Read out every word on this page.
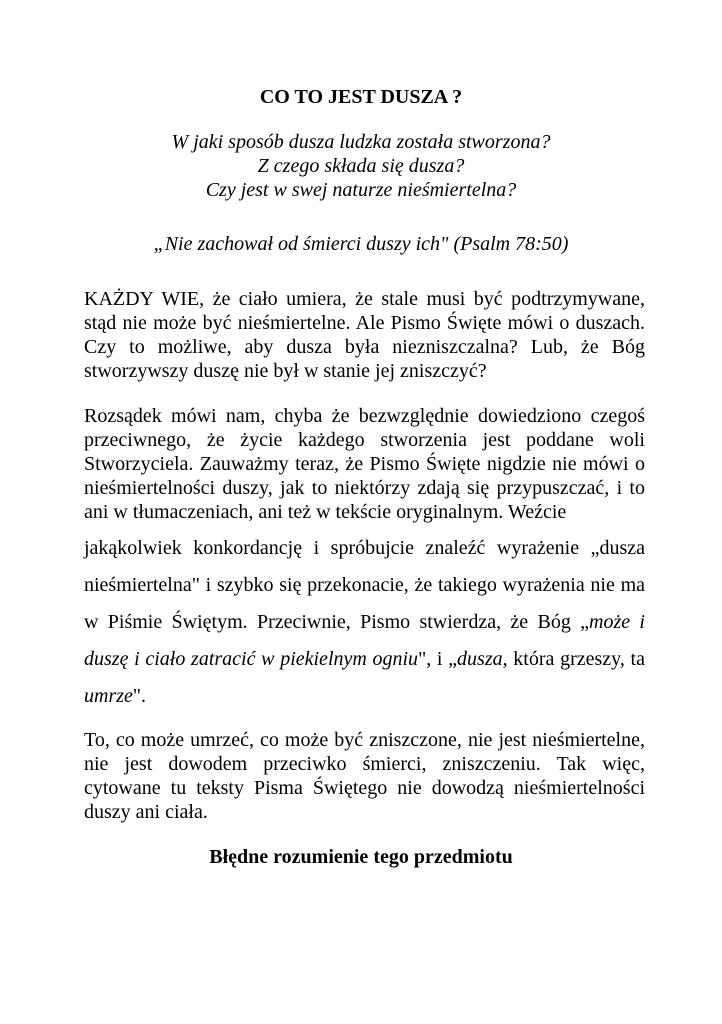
CO TO JEST DUSZA ?
W jaki sposób dusza ludzka została stworzona?
Z czego składa się dusza?
Czy jest w swej naturze nieśmiertelna?
„Nie zachował od śmierci duszy ich" (Psalm 78:50)
KAŻDY WIE, że ciało umiera, że stale musi być podtrzymywane, stąd nie może być nieśmiertelne. Ale Pismo Święte mówi o duszach. Czy to możliwe, aby dusza była niezniszczalna? Lub, że Bóg stworzywszy duszę nie był w stanie jej zniszczyć?
Rozsądek mówi nam, chyba że bezwzględnie dowiedziono czegoś przeciwnego, że życie każdego stworzenia jest poddane woli Stworzyciela. Zauważmy teraz, że Pismo Święte nigdzie nie mówi o nieśmiertelności duszy, jak to niektórzy zdają się przypuszczać, i to ani w tłumaczeniach, ani też w tekście oryginalnym. Weźcie
jakąkolwiek konkordancję i spróbujcie znaleźć wyrażenie „dusza nieśmiertelna" i szybko się przekonacie, że takiego wyrażenia nie ma w Piśmie Świętym. Przeciwnie, Pismo stwierdza, że Bóg „może i duszę i ciało zatracić w piekielnym ogniu", i „dusza, która grzeszy, ta umrze".
To, co może umrzeć, co może być zniszczone, nie jest nieśmiertelne, nie jest dowodem przeciwko śmierci, zniszczeniu. Tak więc, cytowane tu teksty Pisma Świętego nie dowodzą nieśmiertelności duszy ani ciała.
Błędne rozumienie tego przedmiotu
